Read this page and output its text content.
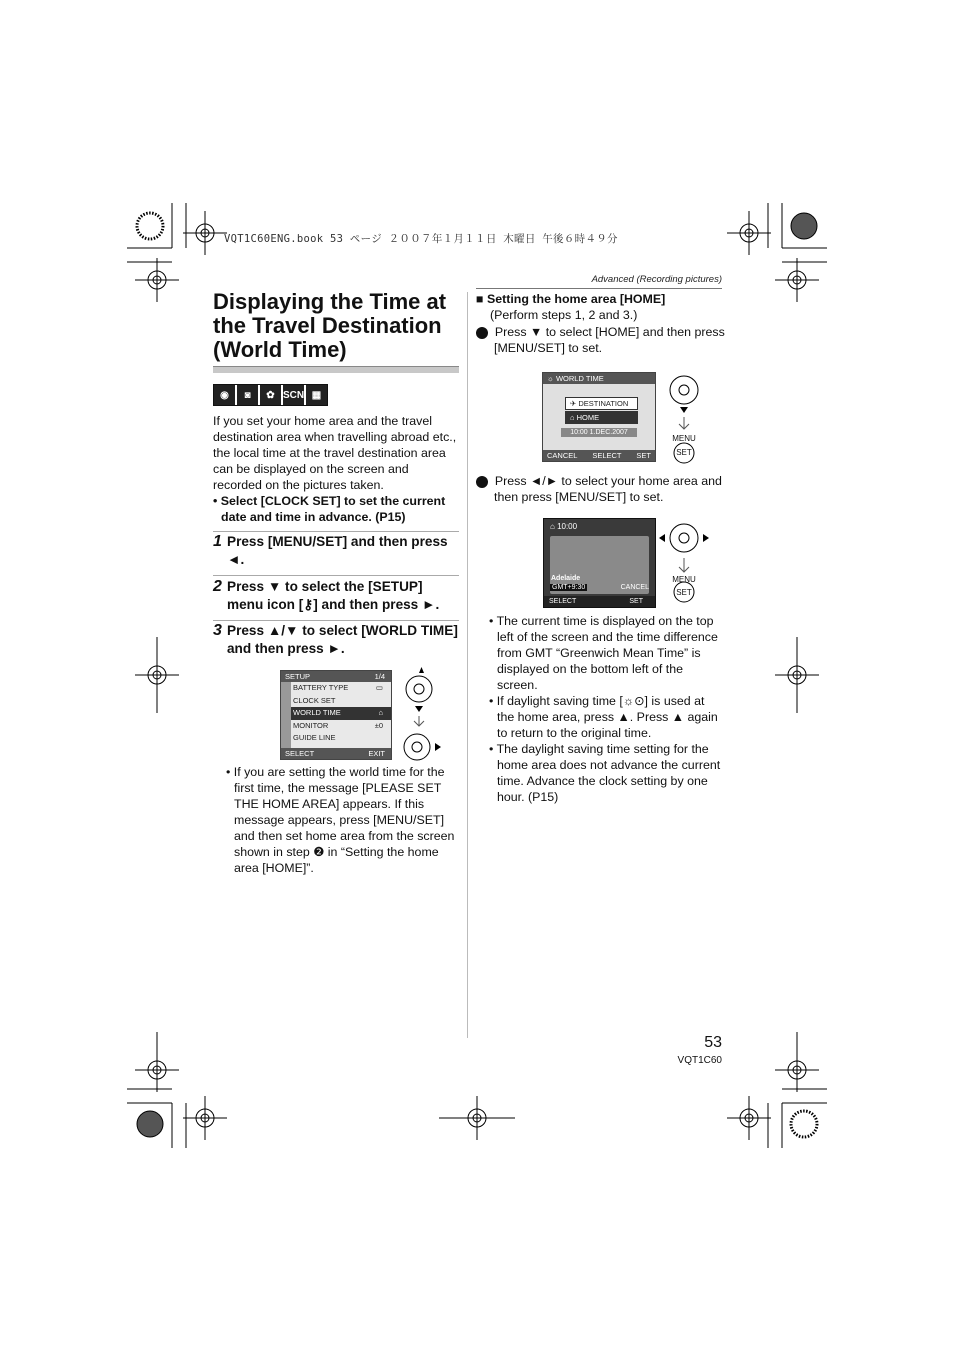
VQT1C60ENG.book 53 ページ ２００７年１月１１日 木曜日 午後６時４９分
Advanced (Recording pictures)
Displaying the Time at the Travel Destination (World Time)
◉	◙	✿ SCN ▦
If you set your home area and the travel destination area when travelling abroad etc., the local time at the travel destination area can be displayed on the screen and recorded on the pictures taken.
• Select [CLOCK SET] to set the current date and time in advance. (P15)
1 Press [MENU/SET] and then press ◄.
2 Press ▼ to select the [SETUP] menu icon [⚷] and then press ►.
3 Press ▲/▼ to select [WORLD TIME] and then press ►.
SETUP	1/4
BATTERY TYPE	▭
CLOCK SET
WORLD TIME	⌂
MONITOR	±0
GUIDE LINE
SELECT	EXIT
• If you are setting the world time for the first time, the message [PLEASE SET THE HOME AREA] appears. If this message appears, press [MENU/SET] and then set home area from the screen shown in step ❷ in “Setting the home area [HOME]”.
■ Setting the home area [HOME]
(Perform steps 1, 2 and 3.)
1 Press ▼ to select [HOME] and then press [MENU/SET] to set.
☼ WORLD TIME
✈ DESTINATION
⌂ HOME
10:00 1.DEC.2007
CANCEL SELECT SET
MENU
SET
2 Press ◄/► to select your home area and then press [MENU/SET] to set.
⌂ 10:00
Adelaide
GMT+9:30	CANCEL
SELECT	SET
MENU
SET
• The current time is displayed on the top left of the screen and the time difference from GMT “Greenwich Mean Time” is displayed on the bottom left of the screen.
• If daylight saving time [☼⊙] is used at the home area, press ▲. Press ▲ again to return to the original time.
• The daylight saving time setting for the home area does not advance the current time. Advance the clock setting by one hour. (P15)
53
VQT1C60
